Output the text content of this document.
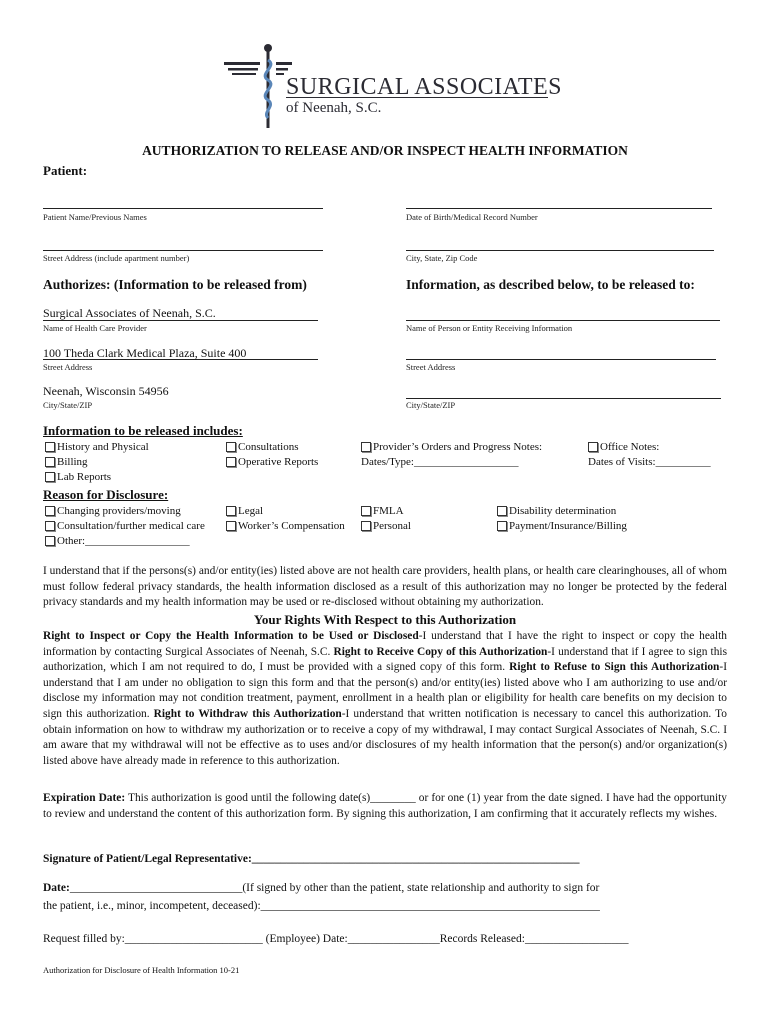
SURGICAL ASSOCIATES
of Neenah, S.C.
AUTHORIZATION TO RELEASE AND/OR INSPECT HEALTH INFORMATION
Patient:
Patient Name/Previous Names	Date of Birth/Medical Record Number
Street Address (include apartment number)	City, State, Zip Code
Authorizes: (Information to be released from)	Information, as described below, to be released to:
Surgical Associates of Neenah, S.C.
Name of Health Care Provider	Name of Person or Entity Receiving Information
100 Theda Clark Medical Plaza, Suite 400
Street Address	Street Address
Neenah, Wisconsin 54956
City/State/ZIP	City/State/ZIP
Information to be released includes:
History and Physical
Billing
Lab Reports
Consultations
Operative Reports
Provider’s Orders and Progress Notes:
Dates/Type:___________________
Office Notes:
Dates of Visits:__________
Reason for Disclosure:
Changing providers/moving
Consultation/further medical care
Other:___________________
Legal
Worker’s Compensation
FMLA
Personal
Disability determination
Payment/Insurance/Billing
I understand that if the persons(s) and/or entity(ies) listed above are not health care providers, health plans, or health care clearinghouses, all of whom must follow federal privacy standards, the health information disclosed as a result of this authorization may no longer be protected by the federal privacy standards and my health information may be used or re-disclosed without obtaining my authorization.
Your Rights With Respect to this Authorization
Right to Inspect or Copy the Health Information to be Used or Disclosed-I understand that I have the right to inspect or copy the health information by contacting Surgical Associates of Neenah, S.C. Right to Receive Copy of this Authorization-I understand that if I agree to sign this authorization, which I am not required to do, I must be provided with a signed copy of this form. Right to Refuse to Sign this Authorization-I understand that I am under no obligation to sign this form and that the person(s) and/or entity(ies) listed above who I am authorizing to use and/or disclose my information may not condition treatment, payment, enrollment in a health plan or eligibility for health care benefits on my decision to sign this authorization. Right to Withdraw this Authorization-I understand that written notification is necessary to cancel this authorization. To obtain information on how to withdraw my authorization or to receive a copy of my withdrawal, I may contact Surgical Associates of Neenah, S.C. I am aware that my withdrawal will not be effective as to uses and/or disclosures of my health information that the person(s) and/or organization(s) listed above have already made in reference to this authorization.
Expiration Date: This authorization is good until the following date(s)________ or for one (1) year from the date signed. I have had the opportunity to review and understand the content of this authorization form. By signing this authorization, I am confirming that it accurately reflects my wishes.
Signature of Patient/Legal Representative:_________________________________________________________
Date:______________________________(If signed by other than the patient, state relationship and authority to sign for
the patient, i.e., minor, incompetent, deceased):___________________________________________________________
Request filled by:________________________ (Employee) Date:________________Records Released:__________________
Authorization for Disclosure of Health Information 10-21
